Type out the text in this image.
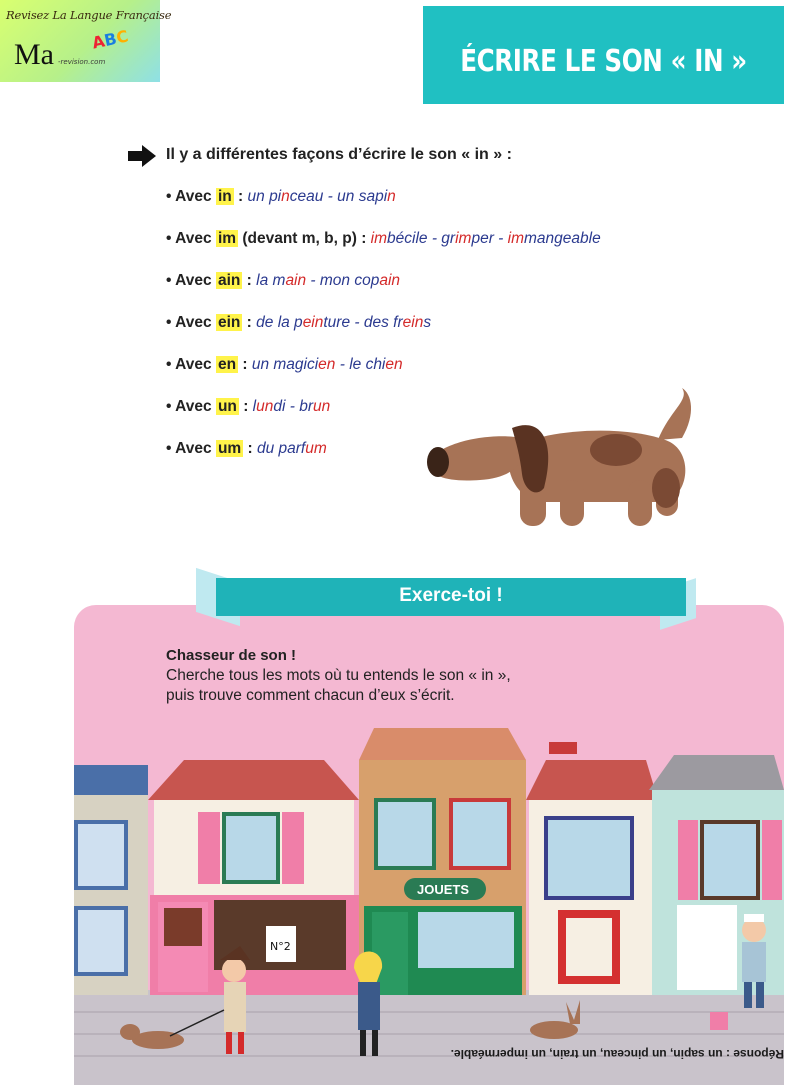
Revisez La Langue Française
Ma ABC
-revision.com	ÉCRIRE LE SON « IN »
Il y a différentes façons d’écrire le son « in » :
• Avec in : un pinceau - un sapin
• Avec im (devant m, b, p) : imbécile - grimper - immangeable
• Avec ain : la main - mon copain
• Avec ein : de la peinture - des freins
• Avec en : un magicien - le chien
• Avec un : lundi - brun
• Avec um : du parfum
Exerce-toi !
Chasseur de son !
Cherche tous les mots où tu entends le son « in »,
puis trouve comment chacun d’eux s’écrit.
N°2
JOUETS
Réponse : un sapin, un pinceau, un train, un imperméable.
